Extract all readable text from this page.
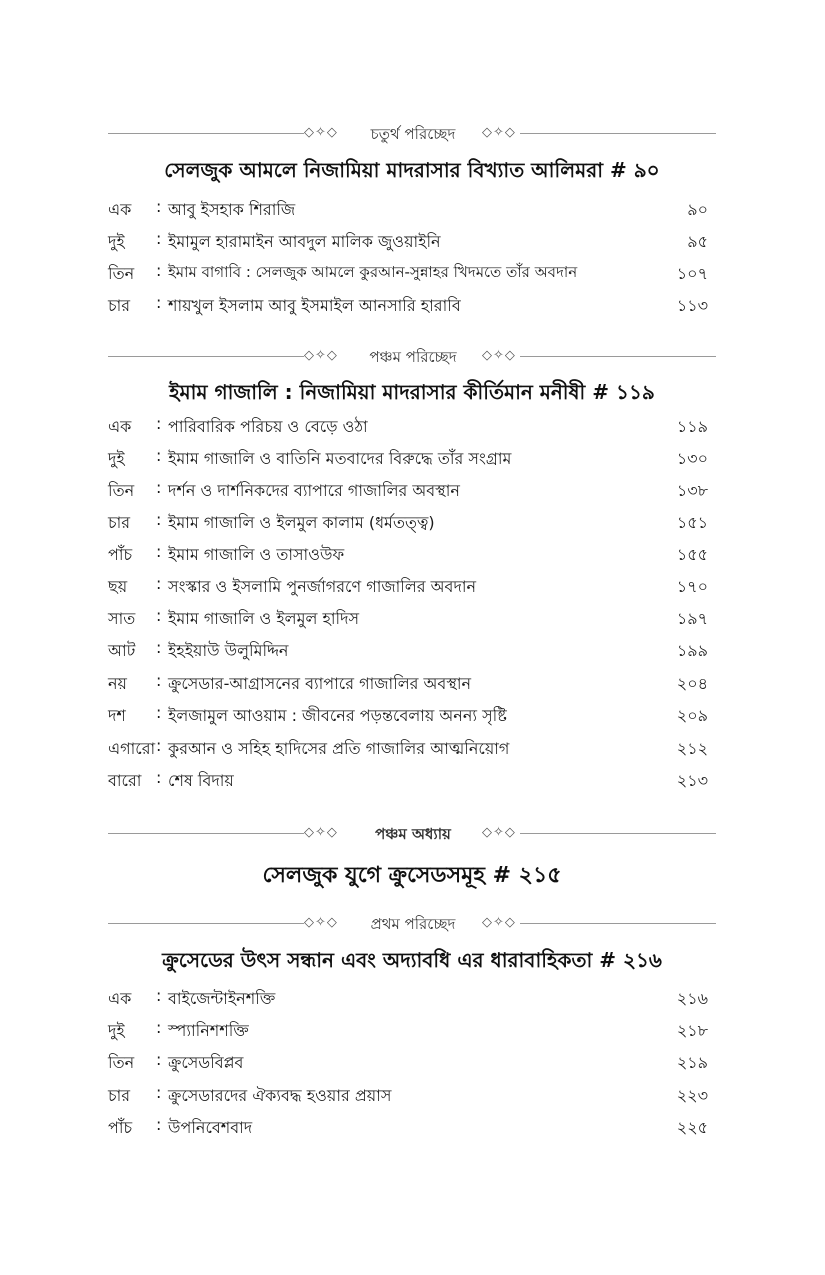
◇✧◇	চতুর্থ পরিচ্ছেদ	◇✧◇
সেলজুক আমলে নিজামিয়া মাদরাসার বিখ্যাত আলিমরা # ৯০
এক	: আবু ইসহাক শিরাজি	৯০
দুই	: ইমামুল হারামাইন আবদুল মালিক জুওয়াইনি	৯৫
তিন	: ইমাম বাগাবি : সেলজুক আমলে কুরআন-সুন্নাহর খিদমতে তাঁর অবদান	১০৭
চার	: শায়খুল ইসলাম আবু ইসমাইল আনসারি হারাবি	১১৩
◇✧◇	পঞ্চম পরিচ্ছেদ	◇✧◇
ইমাম গাজালি : নিজামিয়া মাদরাসার কীর্তিমান মনীষী # ১১৯
এক	: পারিবারিক পরিচয় ও বেড়ে ওঠা	১১৯
দুই	: ইমাম গাজালি ও বাতিনি মতবাদের বিরুদ্ধে তাঁর সংগ্রাম	১৩০
তিন	: দর্শন ও দার্শনিকদের ব্যাপারে গাজালির অবস্থান	১৩৮
চার	: ইমাম গাজালি ও ইলমুল কালাম (ধর্মতত্ত্ব)	১৫১
পাঁচ	: ইমাম গাজালি ও তাসাওউফ	১৫৫
ছয়	: সংস্কার ও ইসলামি পুনর্জাগরণে গাজালির অবদান	১৭০
সাত	: ইমাম গাজালি ও ইলমুল হাদিস	১৯৭
আট	: ইহইয়াউ উলুমিদ্দিন	১৯৯
নয়	: ক্রুসেডার-আগ্রাসনের ব্যাপারে গাজালির অবস্থান	২০৪
দশ	: ইলজামুল আওয়াম : জীবনের পড়ন্তবেলায় অনন্য সৃষ্টি	২০৯
এগারো : কুরআন ও সহিহ হাদিসের প্রতি গাজালির আত্মনিয়োগ	২১২
বারো : শেষ বিদায়	২১৩
◇✧◇	পঞ্চম অধ্যায়	◇✧◇
সেলজুক যুগে ক্রুসেডসমূহ # ২১৫
◇✧◇	প্রথম পরিচ্ছেদ	◇✧◇
ক্রুসেডের উৎস সন্ধান এবং অদ্যাবধি এর ধারাবাহিকতা # ২১৬
এক	: বাইজেন্টাইনশক্তি	২১৬
দুই	: স্প্যানিশশক্তি	২১৮
তিন	: ক্রুসেডবিপ্লব	২১৯
চার	: ক্রুসেডারদের ঐক্যবদ্ধ হওয়ার প্রয়াস	২২৩
পাঁচ	: উপনিবেশবাদ	২২৫
